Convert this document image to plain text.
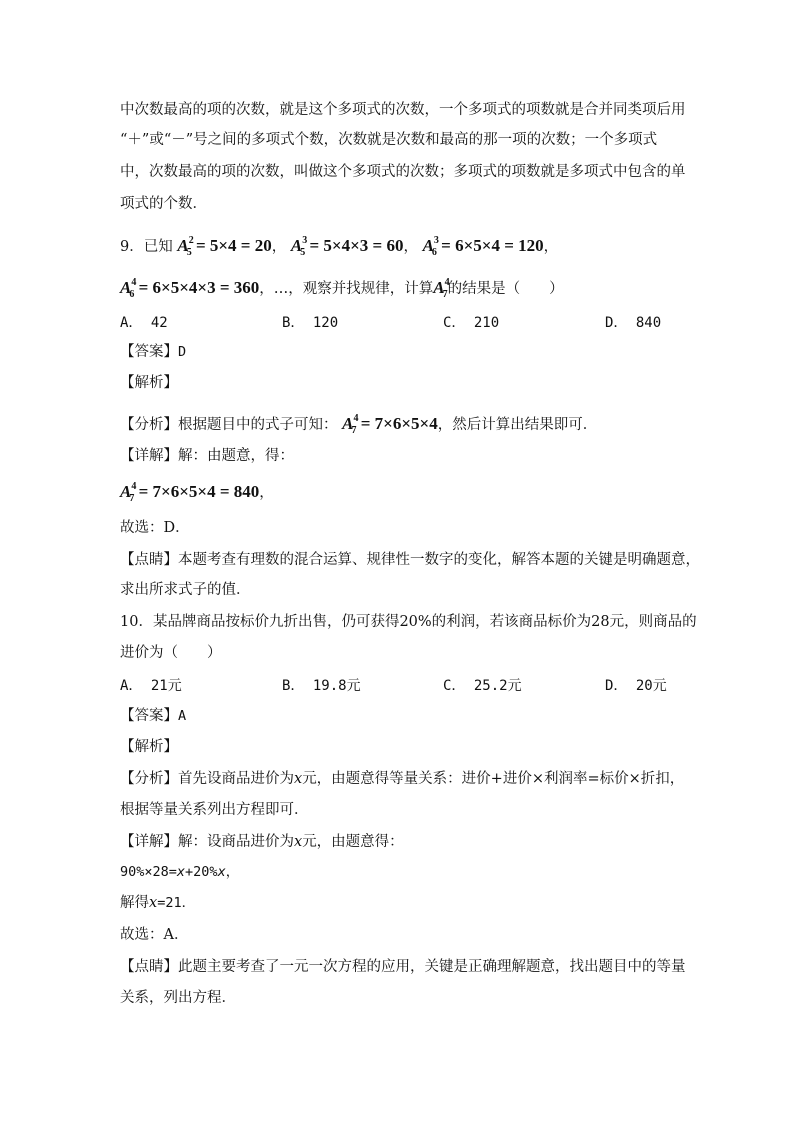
中次数最高的项的次数，就是这个多项式的次数，一个多项式的项数就是合并同类项后用
“＋”或“－”号之间的多项式个数，次数就是次数和最高的那一项的次数；一个多项式
中，次数最高的项的次数，叫做这个多项式的次数；多项式的项数就是多项式中包含的单
项式的个数．
9．已知 $A^2_5 = 5\times 4 = 20$， $A^3_5 = 5\times 4\times 3 = 60$， $A^3_6 = 6\times 5\times 4 = 120$，
$A^4_6 = 6\times 5\times 4\times 3 = 360$，…，观察并找规律，计算$A^4_7$的结果是（　　）
A． 42	B． 120	C． 210	D． 840
【答案】D
【解析】
【分析】根据题目中的式子可知： $A^4_7 = 7\times 6\times 5\times 4$，然后计算出结果即可．
【详解】解：由题意，得：
$A^4_7 = 7\times 6\times 5\times 4 = 840$，
故选：D．
【点睛】本题考查有理数的混合运算、规律性一数字的变化，解答本题的关键是明确题意，
求出所求式子的值．
10．某品牌商品按标价九折出售，仍可获得20%的利润，若该商品标价为28元，则商品的
进价为（　　）
A． 21元	B． 19.8元	C． 25.2元	D． 20元
【答案】A
【解析】
【分析】首先设商品进价为x元，由题意得等量关系：进价+进价×利润率=标价×折扣，
根据等量关系列出方程即可．
【详解】解：设商品进价为x元，由题意得：
90%×28=x+20%x，
解得x=21．
故选：A．
【点睛】此题主要考查了一元一次方程的应用，关键是正确理解题意，找出题目中的等量
关系，列出方程．
